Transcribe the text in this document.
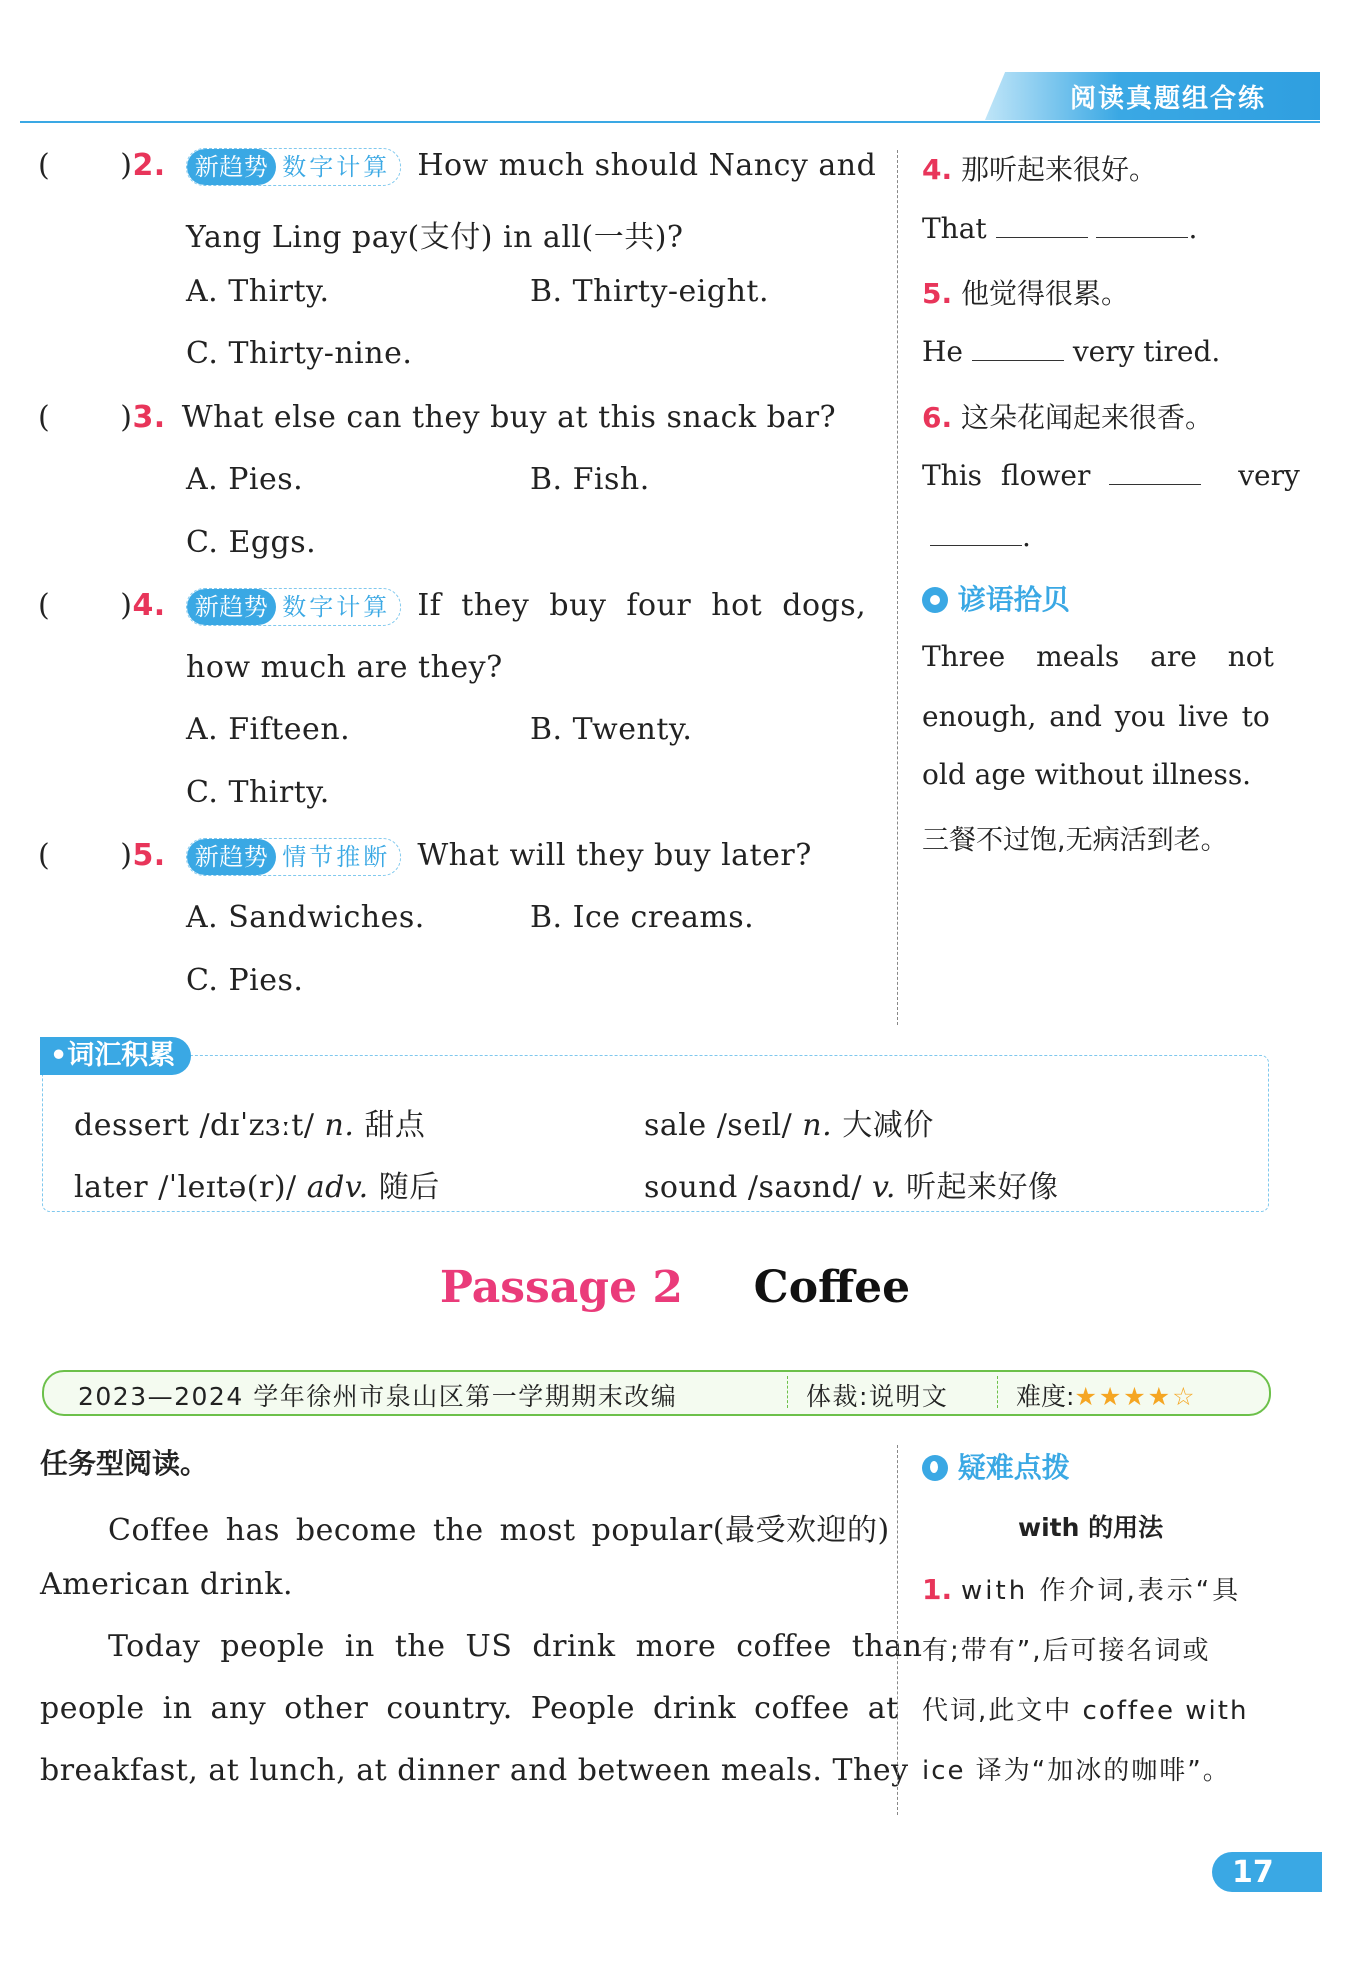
阅读真题组合练
( )2.	新趋势 数字计算 How much should Nancy and
Yang Ling pay(支付) in all(一共)?
A. Thirty.	B. Thirty-eight.
C. Thirty-nine.
( )3. What else can they buy at this snack bar?
A. Pies.	B. Fish.
C. Eggs.
( )4.	新趋势 数字计算 If they buy four hot dogs,
how much are they?
A. Fifteen.	B. Twenty.
C. Thirty.
( )5.	新趋势 情节推断 What will they buy later?
A. Sandwiches.	B. Ice creams.
C. Pies.
4. 那听起来很好。
That	.
5. 他觉得很累。
He	very tired.
6. 这朵花闻起来很香。
This flower	very
.
谚语拾贝
Three meals are not
enough, and you live to
old age without illness.
三餐不过饱,无病活到老。
•词汇积累
dessert /dɪˈzɜːt/ n. 甜点	sale /seɪl/ n. 大减价
later /ˈleɪtə(r)/ adv. 随后	sound /saʊnd/ v. 听起来好像
Passage 2 Coffee
2023—2024 学年徐州市泉山区第一学期期末改编	体裁:说明文	难度:★★★★☆
任务型阅读。
Coffee has become the most popular(最受欢迎的)
American drink.
Today people in the US drink more coffee than
people in any other country. People drink coffee at
breakfast, at lunch, at dinner and between meals. They
疑难点拨
with 的用法
1. with 作介词,表示“具
有;带有”,后可接名词或
代词,此文中 coffee with
ice 译为“加冰的咖啡”。
17
